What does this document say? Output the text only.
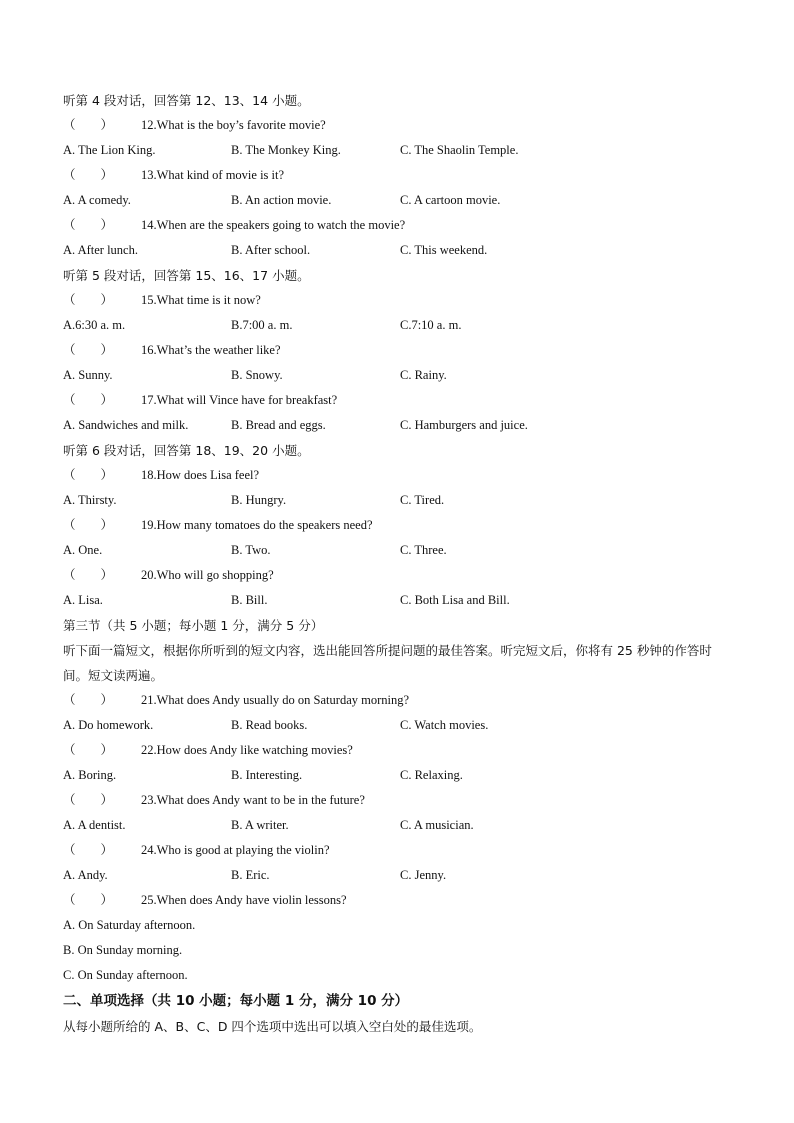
听第 4 段对话，回答第 12、13、14 小题。
（　　）	12 . What is the boy’s favorite movie?
A. The Lion King.	B. The Monkey King.	C. The Shaolin Temple.
（　　）	13 . What kind of movie is it?
A. A comedy.	B. An action movie.	C. A cartoon movie.
（　　）	14 . When are the speakers going to watch the movie?
A. After lunch.	B. After school.	C. This weekend.
听第 5 段对话，回答第 15、16、17 小题。
（　　）	15 . What time is it now?
A.6:30 a. m.	B.7:00 a. m.	C.7:10 a. m.
（　　）	16 . What’s the weather like?
A. Sunny.	B. Snowy.	C. Rainy.
（　　）	17 . What will Vince have for breakfast?
A. Sandwiches and milk.	B. Bread and eggs.	C. Hamburgers and juice.
听第 6 段对话，回答第 18、19、20 小题。
（　　）	18 . How does Lisa feel?
A. Thirsty.	B. Hungry.	C. Tired.
（　　）	19 . How many tomatoes do the speakers need?
A. One.	B. Two.	C. Three.
（　　）	20 . Who will go shopping?
A. Lisa.	B. Bill.	C. Both Lisa and Bill.
第三节（共 5 小题；每小题 1 分，满分 5 分）
听下面一篇短文，根据你所听到的短文内容，选出能回答所提问题的最佳答案。听完短文后，你将有 25 秒钟的作答时间。短文读两遍。
（　　）	21 . What does Andy usually do on Saturday morning?
A. Do homework.	B. Read books.	C. Watch movies.
（　　）	22 . How does Andy like watching movies?
A. Boring.	B. Interesting.	C. Relaxing.
（　　）	23 . What does Andy want to be in the future?
A. A dentist.	B. A writer.	C. A musician.
（　　）	24 . Who is good at playing the violin?
A. Andy.	B. Eric.	C. Jenny.
（　　）	25 . When does Andy have violin lessons?
A. On Saturday afternoon.
B. On Sunday morning.
C. On Sunday afternoon.
二、单项选择（共 10 小题；每小题 1 分，满分 10 分）
从每小题所给的 A、B、C、D 四个选项中选出可以填入空白处的最佳选项。
